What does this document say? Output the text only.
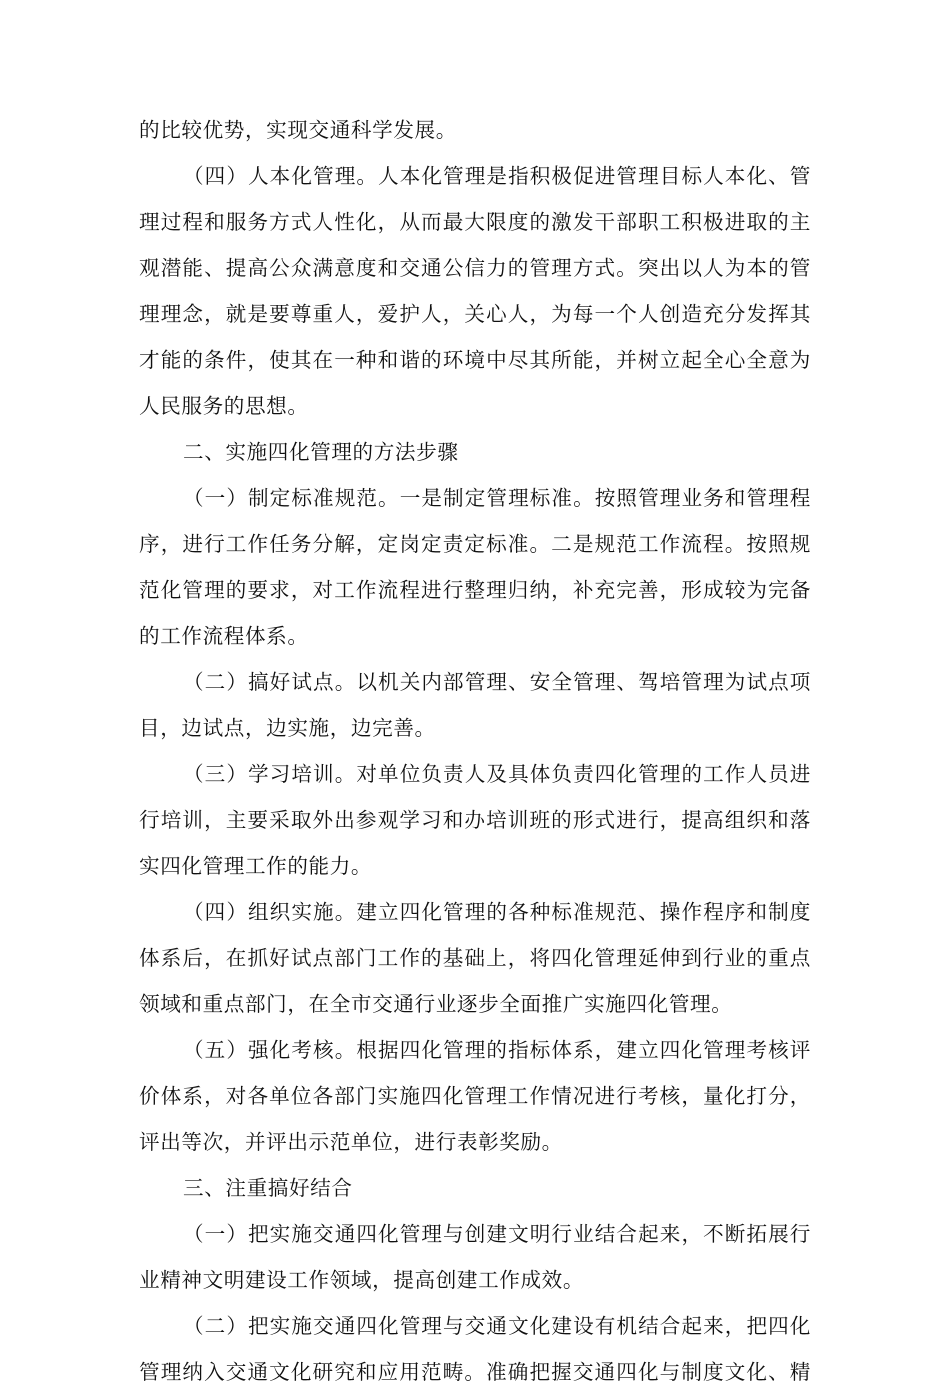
的比较优势，实现交通科学发展。
（四）人本化管理。人本化管理是指积极促进管理目标人本化、管
理过程和服务方式人性化，从而最大限度的激发干部职工积极进取的主
观潜能、提高公众满意度和交通公信力的管理方式。突出以人为本的管
理理念，就是要尊重人，爱护人，关心人，为每一个人创造充分发挥其
才能的条件，使其在一种和谐的环境中尽其所能，并树立起全心全意为
人民服务的思想。
二、实施四化管理的方法步骤
（一）制定标准规范。一是制定管理标准。按照管理业务和管理程
序，进行工作任务分解，定岗定责定标准。二是规范工作流程。按照规
范化管理的要求，对工作流程进行整理归纳，补充完善，形成较为完备
的工作流程体系。
（二）搞好试点。以机关内部管理、安全管理、驾培管理为试点项
目，边试点，边实施，边完善。
（三）学习培训。对单位负责人及具体负责四化管理的工作人员进
行培训，主要采取外出参观学习和办培训班的形式进行，提高组织和落
实四化管理工作的能力。
（四）组织实施。建立四化管理的各种标准规范、操作程序和制度
体系后，在抓好试点部门工作的基础上，将四化管理延伸到行业的重点
领域和重点部门，在全市交通行业逐步全面推广实施四化管理。
（五）强化考核。根据四化管理的指标体系，建立四化管理考核评
价体系，对各单位各部门实施四化管理工作情况进行考核，量化打分，
评出等次，并评出示范单位，进行表彰奖励。
三、注重搞好结合
（一）把实施交通四化管理与创建文明行业结合起来，不断拓展行
业精神文明建设工作领域，提高创建工作成效。
（二）把实施交通四化管理与交通文化建设有机结合起来，把四化
管理纳入交通文化研究和应用范畴。准确把握交通四化与制度文化、精
